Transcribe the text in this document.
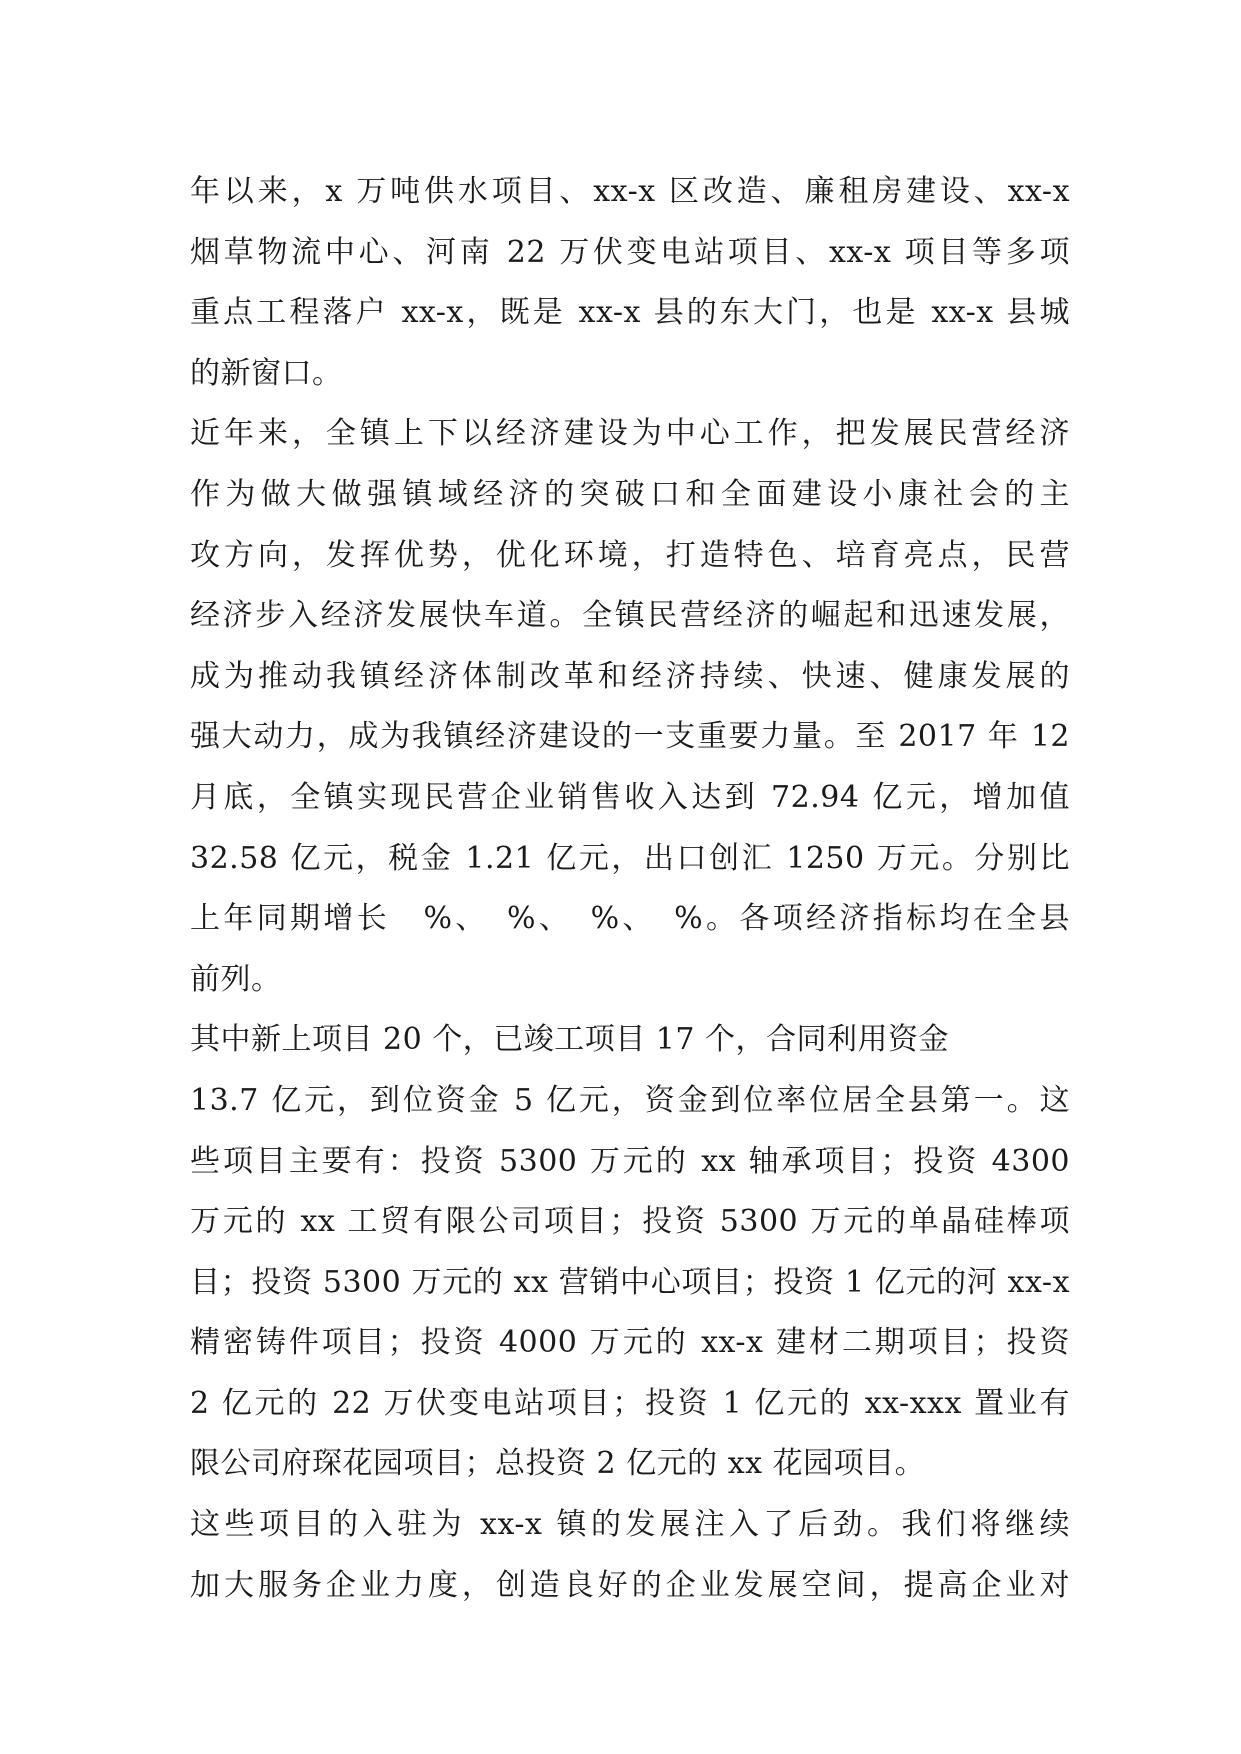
年以来，x 万吨供水项目、xx-x 区改造、廉租房建设、xx-x
烟草物流中心、河南 22 万伏变电站项目、xx-x 项目等多项
重点工程落户 xx-x，既是 xx-x 县的东大门，也是 xx-x 县城
的新窗口。
近年来，全镇上下以经济建设为中心工作，把发展民营经济
作为做大做强镇域经济的突破口和全面建设小康社会的主
攻方向，发挥优势，优化环境，打造特色、培育亮点，民营
经济步入经济发展快车道。全镇民营经济的崛起和迅速发展，
成为推动我镇经济体制改革和经济持续、快速、健康发展的
强大动力，成为我镇经济建设的一支重要力量。至 2017 年 12
月底，全镇实现民营企业销售收入达到 72.94 亿元，增加值
32.58 亿元，税金 1.21 亿元，出口创汇 1250 万元。分别比
上年同期增长　%、　%、　%、　%。各项经济指标均在全县
前列。
其中新上项目 20 个，已竣工项目 17 个，合同利用资金
13.7 亿元，到位资金 5 亿元，资金到位率位居全县第一。这
些项目主要有：投资 5300 万元的 xx 轴承项目；投资 4300
万元的 xx 工贸有限公司项目；投资 5300 万元的单晶硅棒项
目；投资 5300 万元的 xx 营销中心项目；投资 1 亿元的河 xx-x
精密铸件项目；投资 4000 万元的 xx-x 建材二期项目；投资
2 亿元的 22 万伏变电站项目；投资 1 亿元的 xx-xxx 置业有
限公司府琛花园项目；总投资 2 亿元的 xx 花园项目。
这些项目的入驻为 xx-x 镇的发展注入了后劲。我们将继续
加大服务企业力度，创造良好的企业发展空间，提高企业对
